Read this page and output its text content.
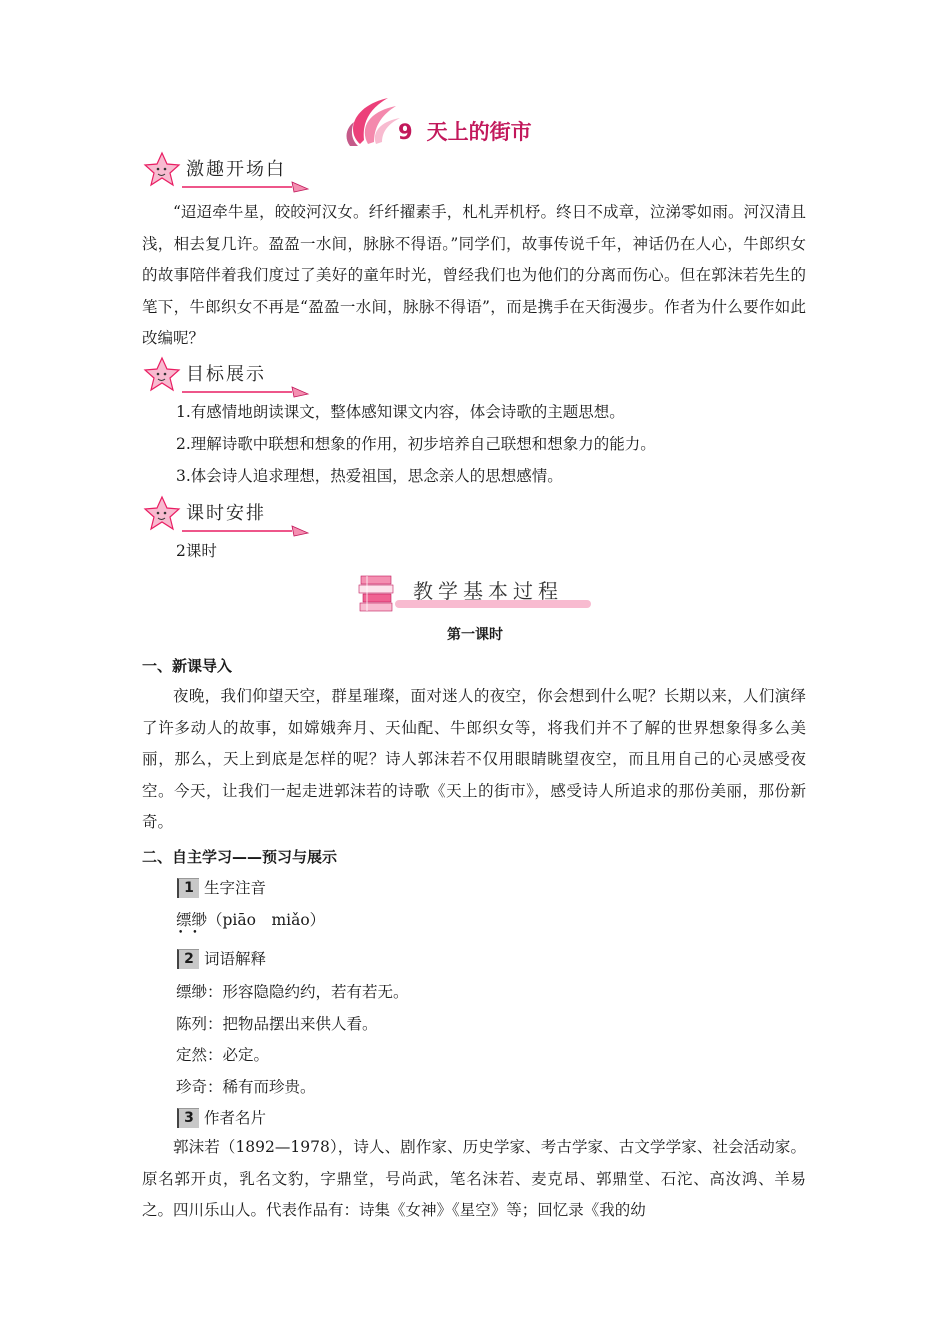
9 天上的街市
激趣开场白

“迢迢牵牛星，皎皎河汉女。纤纤擢素手，札札弄机杼。终日不成章，泣涕零如雨。河汉清且浅，相去复几许。盈盈一水间，脉脉不得语。”同学们，故事传说千年，神话仍在人心，牛郎织女的故事陪伴着我们度过了美好的童年时光，曾经我们也为他们的分离而伤心。但在郭沫若先生的笔下，牛郎织女不再是“盈盈一水间，脉脉不得语”，而是携手在天街漫步。作者为什么要作如此改编呢？

目标展示
1.有感情地朗读课文，整体感知课文内容，体会诗歌的主题思想。
2.理解诗歌中联想和想象的作用，初步培养自己联想和想象力的能力。
3.体会诗人追求理想，热爱祖国，思念亲人的思想感情。
课时安排
2课时
教学基本过程
第一课时
一、新课导入

夜晚，我们仰望天空，群星璀璨，面对迷人的夜空，你会想到什么呢？长期以来，人们演绎了许多动人的故事，如嫦娥奔月、天仙配、牛郎织女等，将我们并不了解的世界想象得多么美丽，那么，天上到底是怎样的呢？诗人郭沫若不仅用眼睛眺望夜空，而且用自己的心灵感受夜空。今天，让我们一起走进郭沫若的诗歌《天上的街市》，感受诗人所追求的那份美丽，那份新奇。

二、自主学习——预习与展示
1 生字注音
缥缈（piāo　miǎo）
••
2 词语解释
缥缈：形容隐隐约约，若有若无。
陈列：把物品摆出来供人看。
定然：必定。
珍奇：稀有而珍贵。
3 作者名片

郭沫若（1892—1978），诗人、剧作家、历史学家、考古学家、古文学学家、社会活动家。原名郭开贞，乳名文豹，字鼎堂，号尚武，笔名沫若、麦克昂、郭鼎堂、石沱、高汝鸿、羊易之。四川乐山人。代表作品有：诗集《女神》《星空》等；回忆录《我的幼
